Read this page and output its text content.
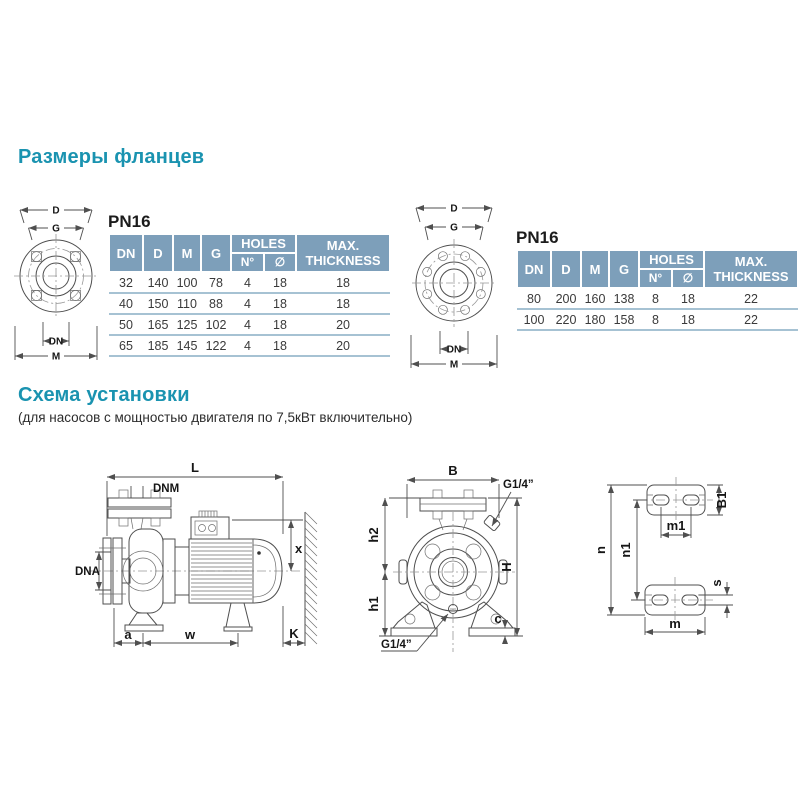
Размеры фланцев
D
G
DN
M
PN16
DN	D	M	G	HOLES		MAX. THICKNESS
				N°	∅	
32	140	100	78	4	18	18
40	150	110	88	4	18	18
50	165	125	102	4	18	20
65	185	145	122	4	18	20
D
G
DN
M
PN16
DN	D	M	G	HOLES		MAX. THICKNESS
				N°	∅	
80	200	160	138	8	18	22
100	220	180	158	8	18	22
Схема установки
(для насосов с мощностью двигателя по 7,5кВт включительно)
L
DNM
DNA
x
a	w	K
B
G1/4”
h2
h1
H
c
G1/4”
B1
m1
n n1
s
m
